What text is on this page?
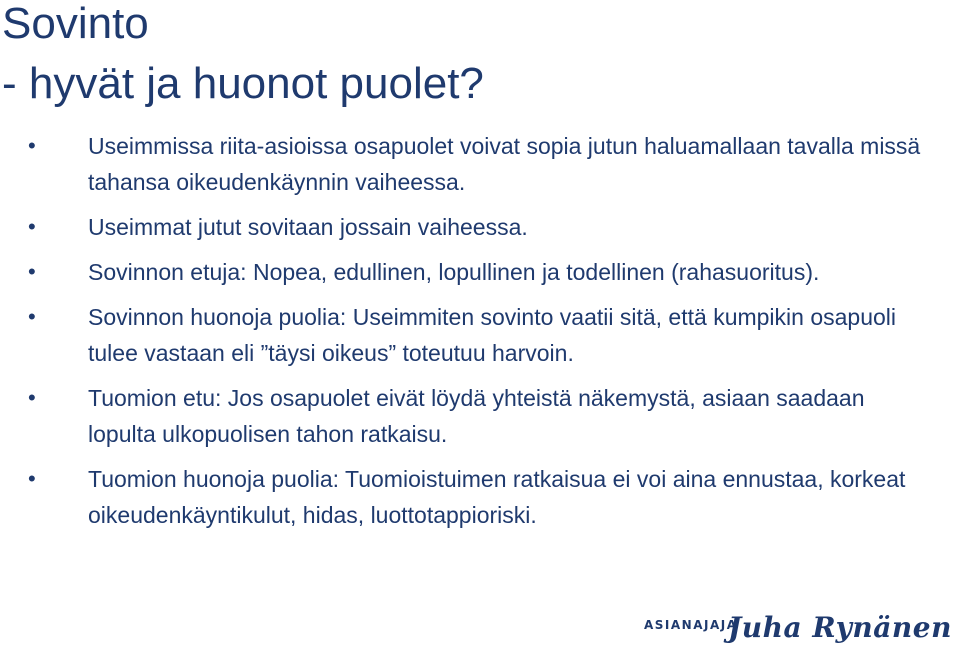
Sovinto
- hyvät ja huonot puolet?
• Useimmissa riita-asioissa osapuolet voivat sopia jutun haluamallaan tavalla missä tahansa oikeudenkäynnin vaiheessa.
• Useimmat jutut sovitaan jossain vaiheessa.
• Sovinnon etuja: Nopea, edullinen, lopullinen ja todellinen (rahasuoritus).
• Sovinnon huonoja puolia: Useimmiten sovinto vaatii sitä, että kumpikin osapuoli tulee vastaan eli ”täysi oikeus” toteutuu harvoin.
• Tuomion etu: Jos osapuolet eivät löydä yhteistä näkemystä, asiaan saadaan lopulta ulkopuolisen tahon ratkaisu.
• Tuomion huonoja puolia: Tuomioistuimen ratkaisua ei voi aina ennustaa, korkeat oikeudenkäyntikulut, hidas, luottotappioriski.
ASIANAJAJA
Juha Rynänen
